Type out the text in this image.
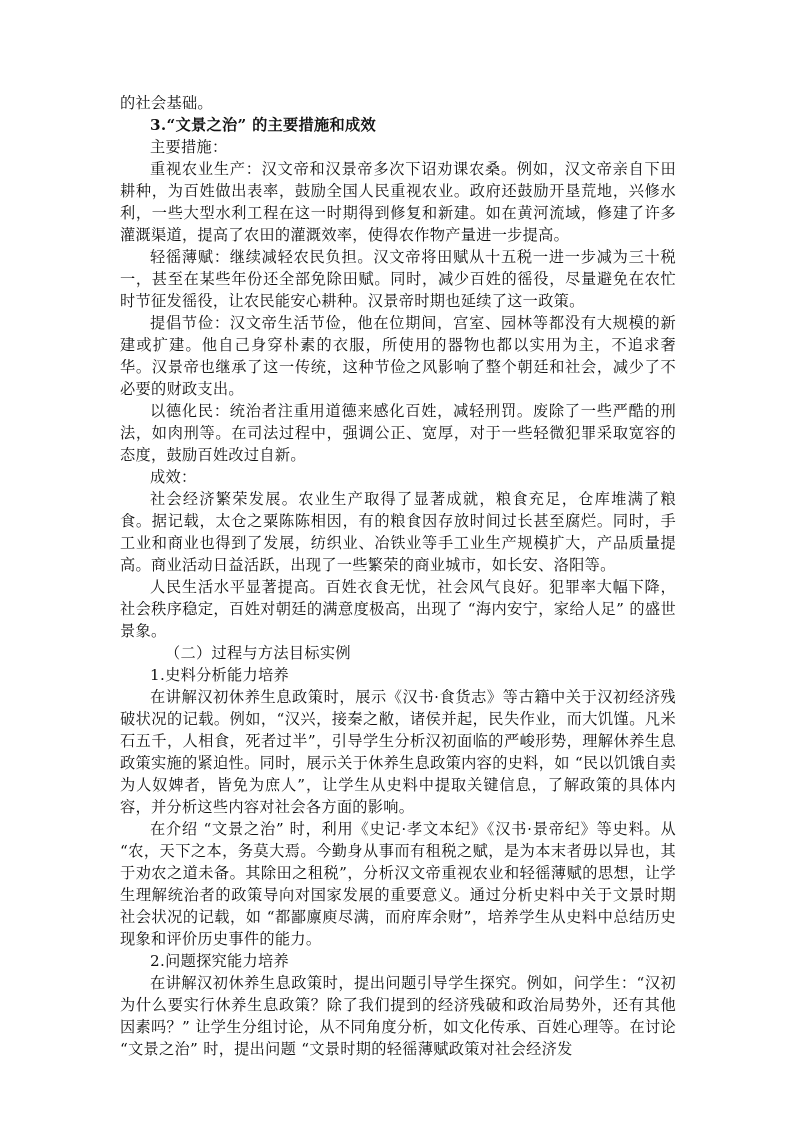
的社会基础。

3.“文景之治” 的主要措施和成效

主要措施：

重视农业生产：汉文帝和汉景帝多次下诏劝课农桑。例如，汉文帝亲自下田耕种，为百姓做出表率，鼓励全国人民重视农业。政府还鼓励开垦荒地，兴修水利，一些大型水利工程在这一时期得到修复和新建。如在黄河流域，修建了许多灌溉渠道，提高了农田的灌溉效率，使得农作物产量进一步提高。

轻徭薄赋：继续减轻农民负担。汉文帝将田赋从十五税一进一步减为三十税一，甚至在某些年份还全部免除田赋。同时，减少百姓的徭役，尽量避免在农忙时节征发徭役，让农民能安心耕种。汉景帝时期也延续了这一政策。

提倡节俭：汉文帝生活节俭，他在位期间，宫室、园林等都没有大规模的新建或扩建。他自己身穿朴素的衣服，所使用的器物也都以实用为主，不追求奢华。汉景帝也继承了这一传统，这种节俭之风影响了整个朝廷和社会，减少了不必要的财政支出。

以德化民：统治者注重用道德来感化百姓，减轻刑罚。废除了一些严酷的刑法，如肉刑等。在司法过程中，强调公正、宽厚，对于一些轻微犯罪采取宽容的态度，鼓励百姓改过自新。

成效：

社会经济繁荣发展。农业生产取得了显著成就，粮食充足，仓库堆满了粮食。据记载，太仓之粟陈陈相因，有的粮食因存放时间过长甚至腐烂。同时，手工业和商业也得到了发展，纺织业、冶铁业等手工业生产规模扩大，产品质量提高。商业活动日益活跃，出现了一些繁荣的商业城市，如长安、洛阳等。

人民生活水平显著提高。百姓衣食无忧，社会风气良好。犯罪率大幅下降，社会秩序稳定，百姓对朝廷的满意度极高，出现了 “海内安宁，家给人足” 的盛世景象。

（二）过程与方法目标实例

1.史料分析能力培养

在讲解汉初休养生息政策时，展示《汉书·食货志》等古籍中关于汉初经济残破状况的记载。例如，“汉兴，接秦之敝，诸侯并起，民失作业，而大饥馑。凡米石五千，人相食，死者过半”，引导学生分析汉初面临的严峻形势，理解休养生息政策实施的紧迫性。同时，展示关于休养生息政策内容的史料，如 “民以饥饿自卖为人奴婢者，皆免为庶人”，让学生从史料中提取关键信息，了解政策的具体内容，并分析这些内容对社会各方面的影响。

在介绍 “文景之治” 时，利用《史记·孝文本纪》《汉书·景帝纪》等史料。从 “农，天下之本，务莫大焉。今勤身从事而有租税之赋，是为本末者毋以异也，其于劝农之道未备。其除田之租税”，分析汉文帝重视农业和轻徭薄赋的思想，让学生理解统治者的政策导向对国家发展的重要意义。通过分析史料中关于文景时期社会状况的记载，如 “都鄙廪庾尽满，而府库余财”，培养学生从史料中总结历史现象和评价历史事件的能力。

2.问题探究能力培养

在讲解汉初休养生息政策时，提出问题引导学生探究。例如，问学生：“汉初为什么要实行休养生息政策？除了我们提到的经济残破和政治局势外，还有其他因素吗？” 让学生分组讨论，从不同角度分析，如文化传承、百姓心理等。在讨论 “文景之治” 时，提出问题 “文景时期的轻徭薄赋政策对社会经济发
